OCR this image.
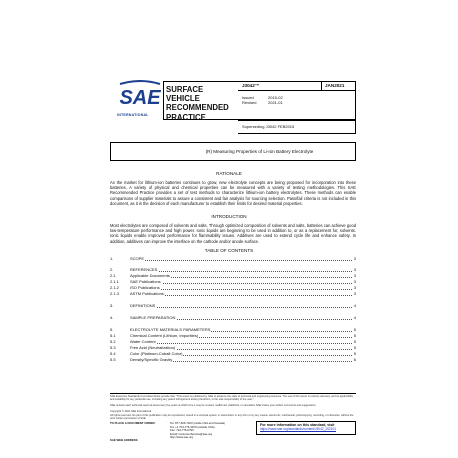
SAE
INTERNATIONAL
SURFACE VEHICLE
RECOMMENDED PRACTICE
J3042™	JAN2021
Issued
Revised
2015-02
2021-01
Superseding J3042 FEB2015
(R) Measuring Properties of Li-Ion Battery Electrolyte
RATIONALE
As the market for lithium-ion batteries continues to grow, new electrolyte concepts are being proposed for incorporation into these batteries. A variety of physical and chemical properties can be measured with a variety of testing methodologies. This SAE Recommended Practice provides a set of test methods to characterize lithium-ion battery electrolytes. These methods can enable comparisons of supplier materials to assure a consistent and fair analysis for sourcing selection. Pass/fail criteria is not included in this document, as it is the decision of each manufacturer to establish their limits for desired material properties.
INTRODUCTION
Most electrolytes are composed of solvents and salts. Through optimized composition of solvents and salts, batteries can achieve good low-temperature performance and high power. Ionic liquids are beginning to be used in addition to, or as a replacement for, solvents. Ionic liquids enable improved performance for flammability issues. Additives are used to extend cycle life and enhance safety. In addition, additives can improve the interface on the cathode and/or anode surface.
TABLE OF CONTENTS
1.	SCOPE	3
2.	REFERENCES	3
2.1	Applicable Documents	3
2.1.1	SAE Publications	3
2.1.2	ISO Publications	3
2.1.3	ASTM Publications	3
3.	DEFINITIONS	4
4.	SAMPLE PREPARATION	4
5.	ELECTROLYTE MATERIALS PARAMETERS	5
5.1	Chemical Content (Lithium, Impurities)	5
5.2	Water Content	5
5.3	Free Acid (Neutralization)	5
5.4	Color (Platinum-Cobalt Color)	5
5.5	Density/Specific Gravity	6
SAE Executive Standards Committee Rules provide that: "This report is published by SAE to advance the state of technical and engineering sciences. The use of this report is entirely voluntary, and its applicability and suitability for any particular use, including any patent infringement arising therefrom, is the sole responsibility of the user."
SAE reviews each technical report at least every five years at which time it may be revised, reaffirmed, stabilized, or cancelled. SAE invites your written comments and suggestions.
Copyright © 2021 SAE International
All rights reserved. No part of this publication may be reproduced, stored in a retrieval system or transmitted, in any form or by any means, electronic, mechanical, photocopying, recording, or otherwise, without the prior written permission of SAE.
TO PLACE A DOCUMENT ORDER:	Tel: 877-606-7323 (inside USA and Canada)
Tel: +1 724-776-4970 (outside USA)
Fax: 724-776-0790
Email: CustomerService@sae.org
http://www.sae.org
For more information on this standard, visit
https://www.sae.org/standards/content/J3042_202101
SAE WEB ADDRESS:
